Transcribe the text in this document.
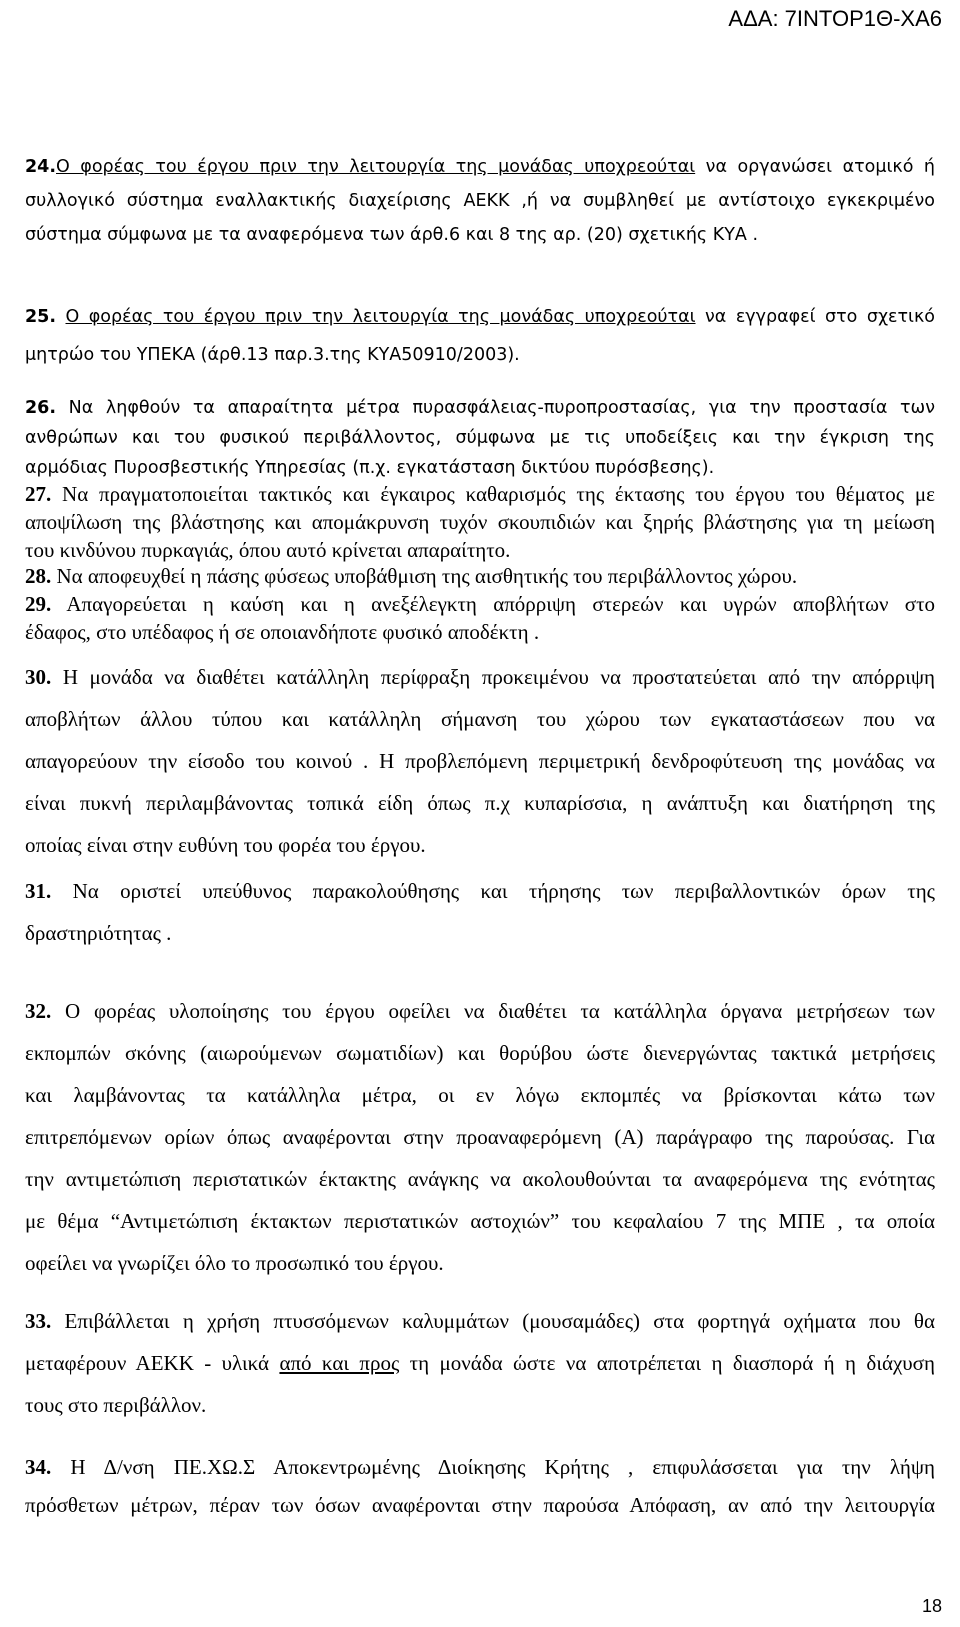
ΑΔΑ: 7ΙΝΤΟΡ1Θ-ΧΑ6
24.Ο φορέας του έργου πριν την λειτουργία της μονάδας υποχρεούται να οργανώσει ατομικό ή
συλλογικό σύστημα εναλλακτικής διαχείρισης ΑΕΚΚ ,ή να συμβληθεί με αντίστοιχο εγκεκριμένο
σύστημα σύμφωνα με τα αναφερόμενα των άρθ.6 και 8 της αρ. (20) σχετικής ΚΥΑ .
25. Ο φορέας του έργου πριν την λειτουργία της μονάδας υποχρεούται να εγγραφεί στο σχετικό
μητρώο του ΥΠΕΚΑ (άρθ.13 παρ.3.της ΚΥΑ50910/2003).
26. Να ληφθούν τα απαραίτητα μέτρα πυρασφάλειας-πυροπροστασίας, για την προστασία των
ανθρώπων και του φυσικού περιβάλλοντος, σύμφωνα με τις υποδείξεις και την έγκριση της
αρμόδιας Πυροσβεστικής Υπηρεσίας (π.χ. εγκατάσταση δικτύου πυρόσβεσης).
27. Να πραγματοποιείται τακτικός και έγκαιρος καθαρισμός της έκτασης του έργου του θέματος με
αποψίλωση της βλάστησης και απομάκρυνση τυχόν σκουπιδιών και ξηρής βλάστησης για τη μείωση
του κινδύνου πυρκαγιάς, όπου αυτό κρίνεται απαραίτητο.
28. Να αποφευχθεί η πάσης φύσεως υποβάθμιση της αισθητικής του περιβάλλοντος χώρου.
29. Απαγορεύεται η καύση και η ανεξέλεγκτη απόρριψη στερεών και υγρών αποβλήτων στο
έδαφος, στο υπέδαφος ή σε οποιανδήποτε φυσικό αποδέκτη .
30. Η μονάδα να διαθέτει κατάλληλη περίφραξη προκειμένου να προστατεύεται από την απόρριψη
αποβλήτων άλλου τύπου και κατάλληλη σήμανση του χώρου των εγκαταστάσεων που να
απαγορεύουν την είσοδο του κοινού . Η προβλεπόμενη περιμετρική δενδροφύτευση της μονάδας να
είναι πυκνή περιλαμβάνοντας τοπικά είδη όπως π.χ κυπαρίσσια, η ανάπτυξη και διατήρηση της
οποίας είναι στην ευθύνη του φορέα του έργου.
31. Να οριστεί υπεύθυνος παρακολούθησης και τήρησης των περιβαλλοντικών όρων της
δραστηριότητας .
32. Ο φορέας υλοποίησης του έργου οφείλει να διαθέτει τα κατάλληλα όργανα μετρήσεων των
εκπομπών σκόνης (αιωρούμενων σωματιδίων) και θορύβου ώστε διενεργώντας τακτικά μετρήσεις
και λαμβάνοντας τα κατάλληλα μέτρα, οι εν λόγω εκπομπές να βρίσκονται κάτω των
επιτρεπόμενων ορίων όπως αναφέρονται στην προαναφερόμενη (Α) παράγραφο της παρούσας. Για
την αντιμετώπιση περιστατικών έκτακτης ανάγκης να ακολουθούνται τα αναφερόμενα της ενότητας
με θέμα “Αντιμετώπιση έκτακτων περιστατικών αστοχιών” του κεφαλαίου 7 της ΜΠΕ , τα οποία
οφείλει να γνωρίζει όλο το προσωπικό του έργου.
33. Επιβάλλεται η χρήση πτυσσόμενων καλυμμάτων (μουσαμάδες) στα φορτηγά οχήματα που θα
μεταφέρουν ΑΕΚΚ - υλικά από και προς τη μονάδα ώστε να αποτρέπεται η διασπορά ή η διάχυση
τους στο περιβάλλον.
34. Η Δ/νση ΠΕ.ΧΩ.Σ Αποκεντρωμένης Διοίκησης Κρήτης , επιφυλάσσεται για την λήψη
πρόσθετων μέτρων, πέραν των όσων αναφέρονται στην παρούσα Απόφαση, αν από την λειτουργία
18
